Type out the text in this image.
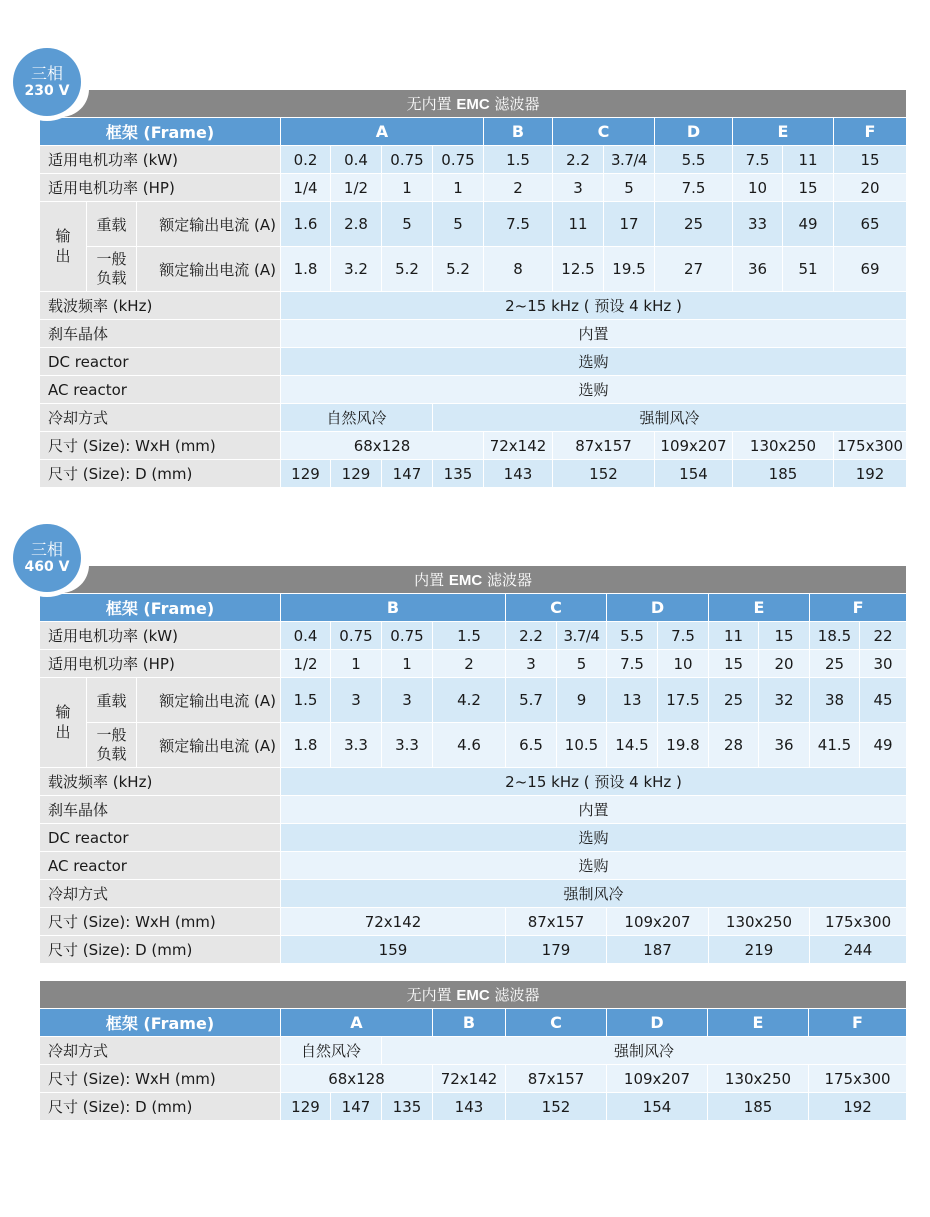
三相
230 V
无内置 EMC 滤波器													
框架 (Frame)			A				B	C		D	E		F
适用电机功率 (kW)			0.2	0.4	0.75	0.75	1.5	2.2	3.7/4	5.5	7.5	11	15
适用电机功率 (HP)			1/4	1/2	1	1	2	3	5	7.5	10	15	20
输出	重载	额定输出电流 (A)	1.6	2.8	5	5	7.5	11	17	25	33	49	65
	一般负载	额定输出电流 (A)	1.8	3.2	5.2	5.2	8	12.5	19.5	27	36	51	69
载波频率 (kHz)			2~15 kHz ( 预设 4 kHz )										
刹车晶体			内置										
DC reactor			选购										
AC reactor			选购										
冷却方式			自然风冷			强制风冷							
尺寸 (Size): WxH (mm)			68x128				72x142	87x157		109x207	130x250		175x300
尺寸 (Size): D (mm)			129	129	147	135	143	152		154	185		192
三相
460 V
内置 EMC 滤波器														
框架 (Frame)			B				C		D		E		F	
适用电机功率 (kW)			0.4	0.75	0.75	1.5	2.2	3.7/4	5.5	7.5	11	15	18.5	22
适用电机功率 (HP)			1/2	1	1	2	3	5	7.5	10	15	20	25	30
输出	重载	额定输出电流 (A)	1.5	3	3	4.2	5.7	9	13	17.5	25	32	38	45
	一般负载	额定输出电流 (A)	1.8	3.3	3.3	4.6	6.5	10.5	14.5	19.8	28	36	41.5	49
载波频率 (kHz)			2~15 kHz ( 预设 4 kHz )											
刹车晶体			内置											
DC reactor			选购											
AC reactor			选购											
冷却方式			强制风冷											
尺寸 (Size): WxH (mm)			72x142				87x157		109x207		130x250		175x300	
尺寸 (Size): D (mm)			159				179		187		219		244	
无内置 EMC 滤波器								
框架 (Frame)	A			B	C	D	E	F
冷却方式	自然风冷		强制风冷					
尺寸 (Size): WxH (mm)	68x128			72x142	87x157	109x207	130x250	175x300
尺寸 (Size): D (mm)	129	147	135	143	152	154	185	192
